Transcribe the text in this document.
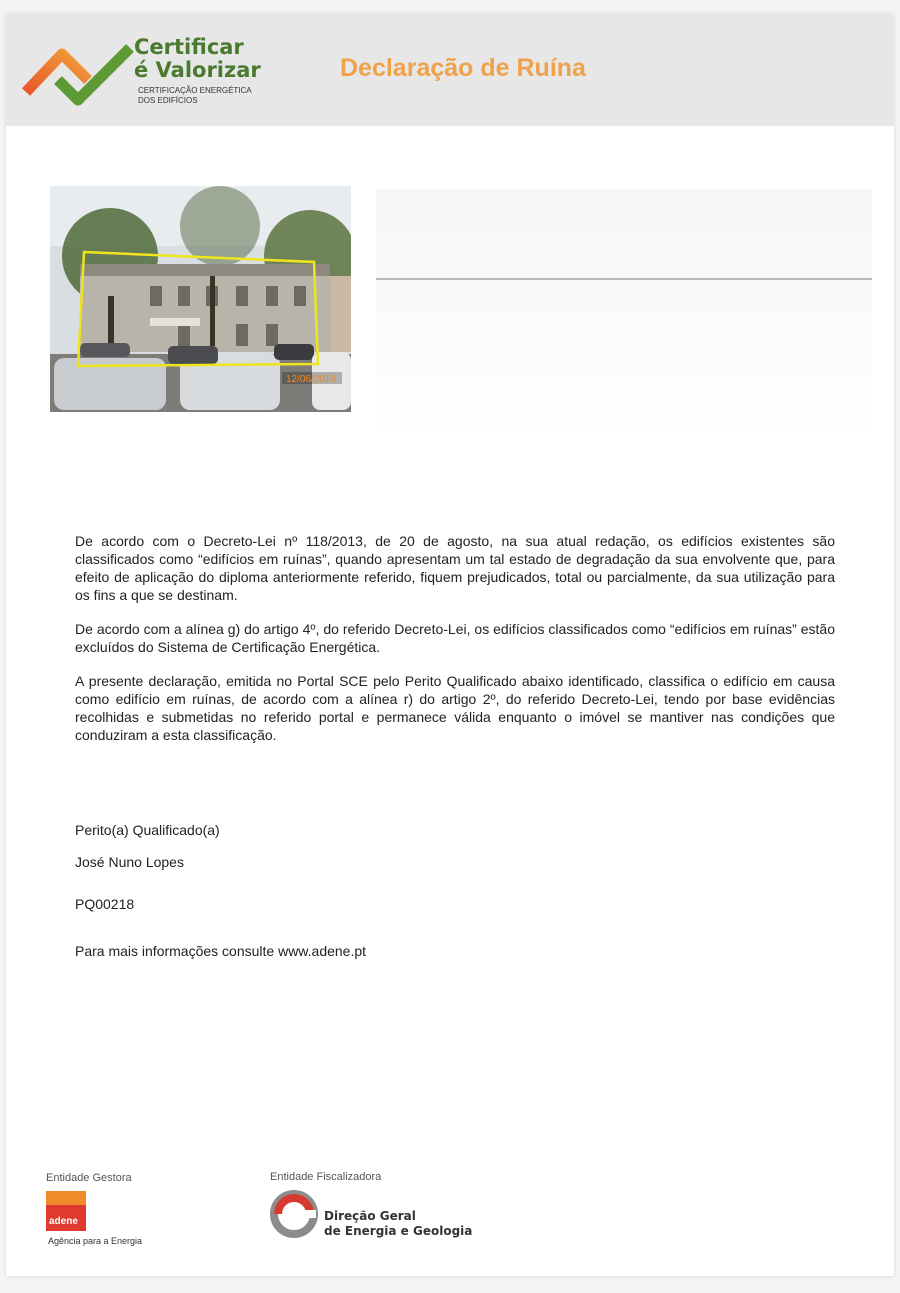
Certificar
é Valorizar
CERTIFICAÇÃO ENERGÉTICA
DOS EDIFÍCIOS
Declaração de Ruína
12/06/2018

De acordo com o Decreto-Lei nº 118/2013, de 20 de agosto, na sua atual redação, os edifícios existentes são classificados como “edifícios em ruínas”, quando apresentam um tal estado de degradação da sua envolvente que, para efeito de aplicação do diploma anteriormente referido, fiquem prejudicados, total ou parcialmente, da sua utilização para os fins a que se destinam.

De acordo com a alínea g) do artigo 4º, do referido Decreto-Lei, os edifícios classificados como “edifícios em ruínas” estão excluídos do Sistema de Certificação Energética.

A presente declaração, emitida no Portal SCE pelo Perito Qualificado abaixo identificado, classifica o edifício em causa como edifício em ruínas, de acordo com a alínea r) do artigo 2º, do referido Decreto-Lei, tendo por base evidências recolhidas e submetidas no referido portal e permanece válida enquanto o imóvel se mantiver nas condições que conduziram a esta classificação.

Perito(a) Qualificado(a)
José Nuno Lopes
PQ00218
Para mais informações consulte www.adene.pt
Entidade Gestora
adene
Agência para a Energia
Entidade Fiscalizadora
Direção Geral
de Energia e Geologia
